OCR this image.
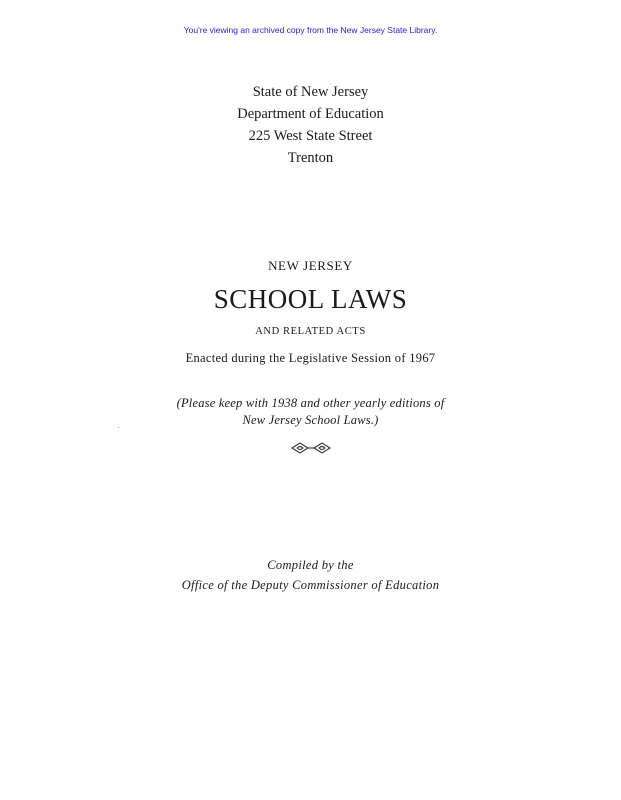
You're viewing an archived copy from the New Jersey State Library.
State of New Jersey
Department of Education
225 West State Street
Trenton
NEW JERSEY
SCHOOL LAWS
AND RELATED ACTS
Enacted during the Legislative Session of 1967
(Please keep with 1938 and other yearly editions of
New Jersey School Laws.)
Compiled by the
Office of the Deputy Commissioner of Education
